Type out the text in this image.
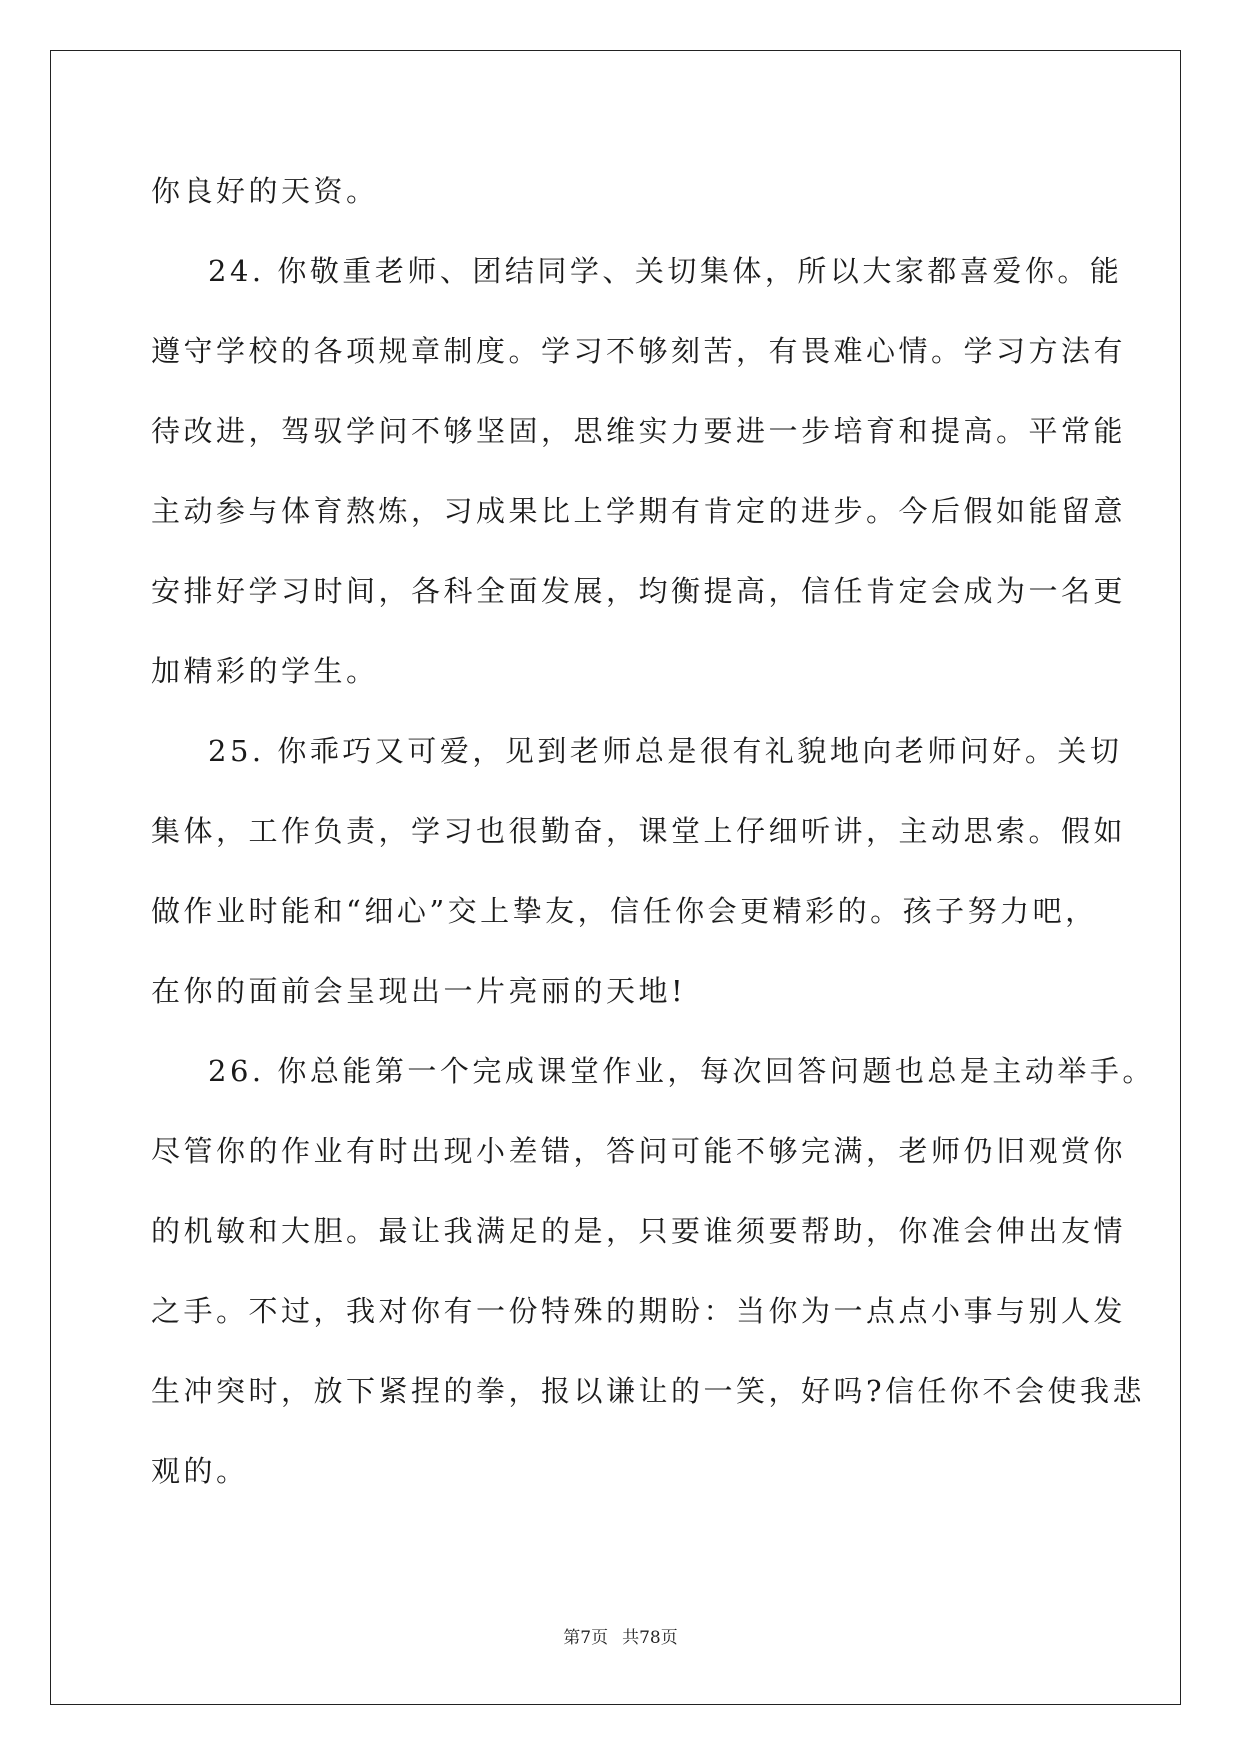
你良好的天资。
24. 你敬重老师、团结同学、关切集体，所以大家都喜爱你。能
遵守学校的各项规章制度。学习不够刻苦，有畏难心情。学习方法有
待改进，驾驭学问不够坚固，思维实力要进一步培育和提高。平常能
主动参与体育熬炼，习成果比上学期有肯定的进步。今后假如能留意
安排好学习时间，各科全面发展，均衡提高，信任肯定会成为一名更
加精彩的学生。
25. 你乖巧又可爱，见到老师总是很有礼貌地向老师问好。关切
集体，工作负责，学习也很勤奋，课堂上仔细听讲，主动思索。假如
做作业时能和“细心”交上挚友，信任你会更精彩的。孩子努力吧，
在你的面前会呈现出一片亮丽的天地!
26. 你总能第一个完成课堂作业，每次回答问题也总是主动举手。
尽管你的作业有时出现小差错，答问可能不够完满，老师仍旧观赏你
的机敏和大胆。最让我满足的是，只要谁须要帮助，你准会伸出友情
之手。不过，我对你有一份特殊的期盼：当你为一点点小事与别人发
生冲突时，放下紧捏的拳，报以谦让的一笑，好吗?信任你不会使我悲
观的。
第7页 共78页
